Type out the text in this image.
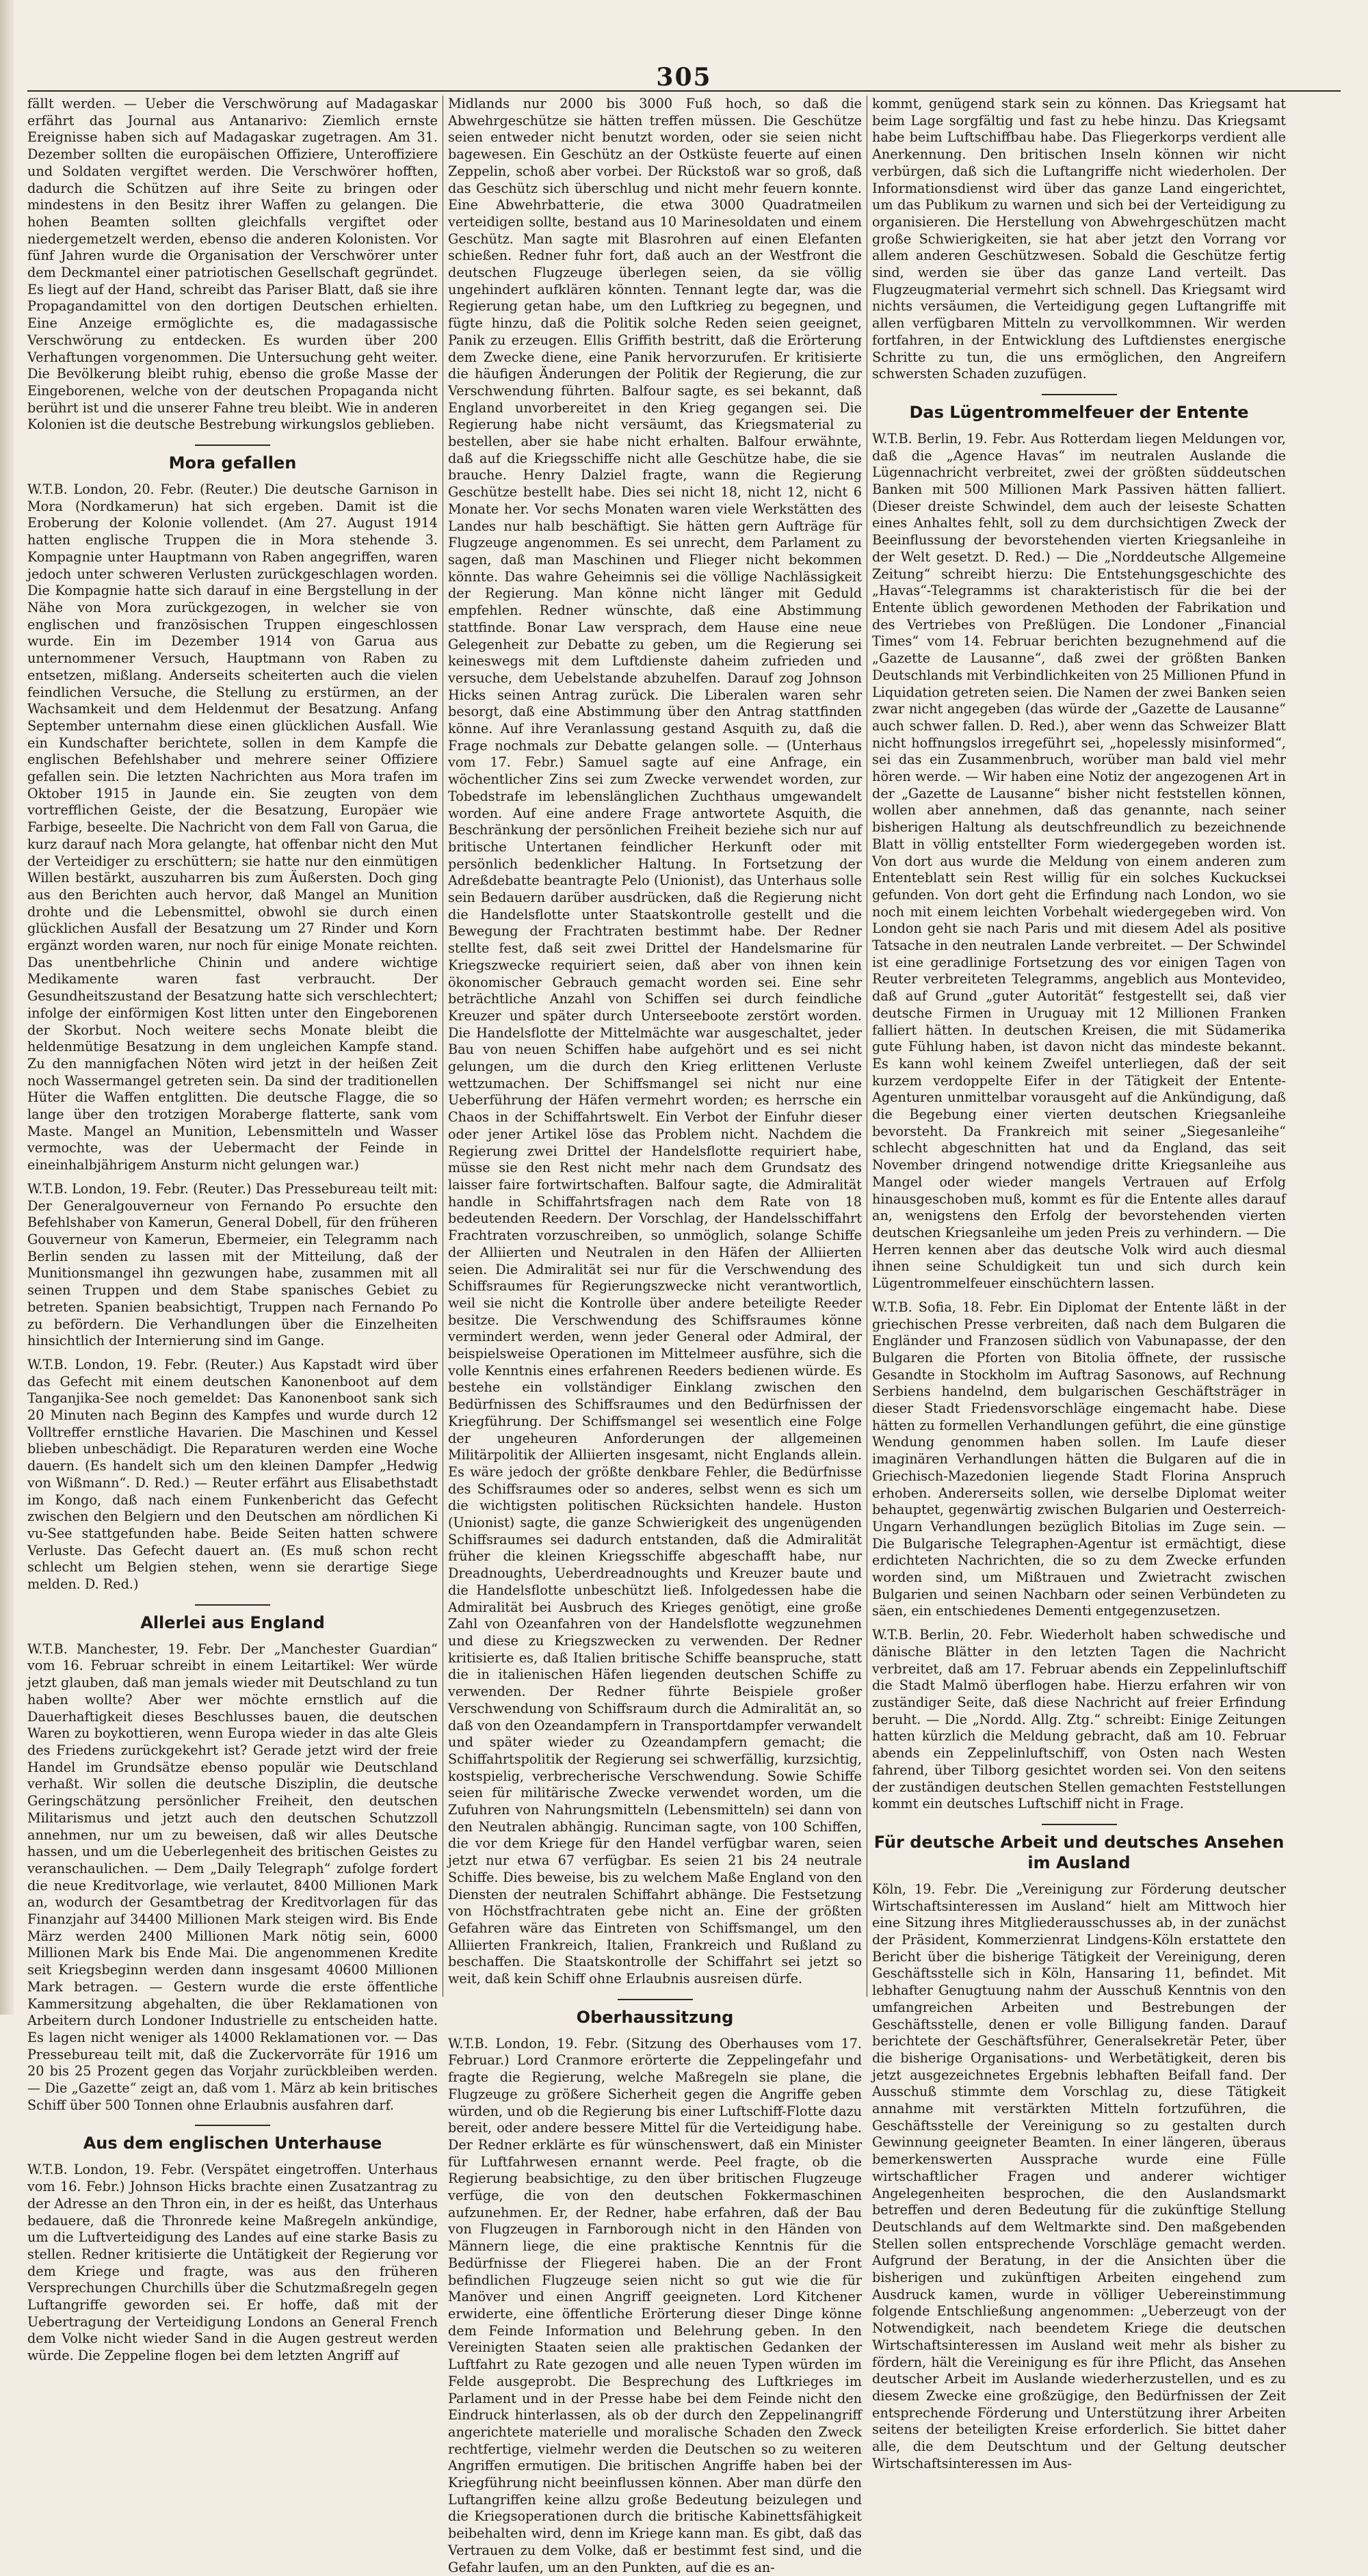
305

fällt werden. — Ueber die Verschwörung auf Madagaskar erfährt das Journal aus Antanarivo: Ziemlich ernste Ereignisse haben sich auf Madagaskar zugetragen. Am 31. Dezember sollten die europäischen Offiziere, Unteroffiziere und Soldaten vergiftet werden. Die Verschwörer hofften, dadurch die Schützen auf ihre Seite zu bringen oder mindestens in den Besitz ihrer Waffen zu gelangen. Die hohen Beamten sollten gleichfalls vergiftet oder niedergemetzelt werden, ebenso die anderen Kolonisten. Vor fünf Jahren wurde die Organisation der Verschwörer unter dem Deckmantel einer patriotischen Gesellschaft gegründet. Es liegt auf der Hand, schreibt das Pariser Blatt, daß sie ihre Propagandamittel von den dortigen Deutschen erhielten. Eine Anzeige ermöglichte es, die madagassische Verschwörung zu entdecken. Es wurden über 200 Verhaftungen vorgenommen. Die Untersuchung geht weiter. Die Bevölkerung bleibt ruhig, ebenso die große Masse der Eingeborenen, welche von der deutschen Propaganda nicht berührt ist und die unserer Fahne treu bleibt. Wie in anderen Kolonien ist die deutsche Bestrebung wirkungslos geblieben.

Mora gefallen

W.T.B. London, 20. Febr. (Reuter.) Die deutsche Garnison in Mora (Nordkamerun) hat sich ergeben. Damit ist die Eroberung der Kolonie vollendet. (Am 27. August 1914 hatten englische Truppen die in Mora stehende 3. Kompagnie unter Hauptmann von Raben angegriffen, waren jedoch unter schweren Verlusten zurückgeschlagen worden. Die Kompagnie hatte sich darauf in eine Bergstellung in der Nähe von Mora zurückgezogen, in welcher sie von englischen und französischen Truppen eingeschlossen wurde. Ein im Dezember 1914 von Garua aus unternommener Versuch, Hauptmann von Raben zu entsetzen, mißlang. Anderseits scheiterten auch die vielen feindlichen Versuche, die Stellung zu erstürmen, an der Wachsamkeit und dem Heldenmut der Besatzung. Anfang September unternahm diese einen glücklichen Ausfall. Wie ein Kundschafter berichtete, sollen in dem Kampfe die englischen Befehlshaber und mehrere seiner Offiziere gefallen sein. Die letzten Nachrichten aus Mora trafen im Oktober 1915 in Jaunde ein. Sie zeugten von dem vortrefflichen Geiste, der die Besatzung, Europäer wie Farbige, beseelte. Die Nachricht von dem Fall von Garua, die kurz darauf nach Mora gelangte, hat offenbar nicht den Mut der Verteidiger zu erschüttern; sie hatte nur den einmütigen Willen bestärkt, auszuharren bis zum Äußersten. Doch ging aus den Berichten auch hervor, daß Mangel an Munition drohte und die Lebensmittel, obwohl sie durch einen glücklichen Ausfall der Besatzung um 27 Rinder und Korn ergänzt worden waren, nur noch für einige Monate reichten. Das unentbehrliche Chinin und andere wichtige Medikamente waren fast verbraucht. Der Gesundheitszustand der Besatzung hatte sich verschlechtert; infolge der einförmigen Kost litten unter den Eingeborenen der Skorbut. Noch weitere sechs Monate bleibt die heldenmütige Besatzung in dem ungleichen Kampfe stand. Zu den mannigfachen Nöten wird jetzt in der heißen Zeit noch Wassermangel getreten sein. Da sind der traditionellen Hüter die Waffen entglitten. Die deutsche Flagge, die so lange über den trotzigen Moraberge flatterte, sank vom Maste. Mangel an Munition, Lebensmitteln und Wasser vermochte, was der Uebermacht der Feinde in eineinhalbjährigem Ansturm nicht gelungen war.)

W.T.B. London, 19. Febr. (Reuter.) Das Pressebureau teilt mit: Der Generalgouverneur von Fernando Po ersuchte den Befehlshaber von Kamerun, General Dobell, für den früheren Gouverneur von Kamerun, Ebermeier, ein Telegramm nach Berlin senden zu lassen mit der Mitteilung, daß der Munitionsmangel ihn gezwungen habe, zusammen mit all seinen Truppen und dem Stabe spanisches Gebiet zu betreten. Spanien beabsichtigt, Truppen nach Fernando Po zu befördern. Die Verhandlungen über die Einzelheiten hinsichtlich der Internierung sind im Gange.

W.T.B. London, 19. Febr. (Reuter.) Aus Kapstadt wird über das Gefecht mit einem deutschen Kanonenboot auf dem Tanganjika-See noch gemeldet: Das Kanonenboot sank sich 20 Minuten nach Beginn des Kampfes und wurde durch 12 Volltreffer ernstliche Havarien. Die Maschinen und Kessel blieben unbeschädigt. Die Reparaturen werden eine Woche dauern. (Es handelt sich um den kleinen Dampfer „Hedwig von Wißmann“. D. Red.) — Reuter erfährt aus Elisabethstadt im Kongo, daß nach einem Funkenbericht das Gefecht zwischen den Belgiern und den Deutschen am nördlichen Ki vu-See stattgefunden habe. Beide Seiten hatten schwere Verluste. Das Gefecht dauert an. (Es muß schon recht schlecht um Belgien stehen, wenn sie derartige Siege melden. D. Red.)

Allerlei aus England

W.T.B. Manchester, 19. Febr. Der „Manchester Guardian“ vom 16. Februar schreibt in einem Leitartikel: Wer würde jetzt glauben, daß man jemals wieder mit Deutschland zu tun haben wollte? Aber wer möchte ernstlich auf die Dauerhaftigkeit dieses Beschlusses bauen, die deutschen Waren zu boykottieren, wenn Europa wieder in das alte Gleis des Friedens zurückgekehrt ist? Gerade jetzt wird der freie Handel im Grundsätze ebenso populär wie Deutschland verhaßt. Wir sollen die deutsche Disziplin, die deutsche Geringschätzung persönlicher Freiheit, den deutschen Militarismus und jetzt auch den deutschen Schutzzoll annehmen, nur um zu beweisen, daß wir alles Deutsche hassen, und um die Ueberlegenheit des britischen Geistes zu veranschaulichen. — Dem „Daily Telegraph“ zufolge fordert die neue Kreditvorlage, wie verlautet, 8400 Millionen Mark an, wodurch der Gesamtbetrag der Kreditvorlagen für das Finanzjahr auf 34400 Millionen Mark steigen wird. Bis Ende März werden 2400 Millionen Mark nötig sein, 6000 Millionen Mark bis Ende Mai. Die angenommenen Kredite seit Kriegsbeginn werden dann insgesamt 40600 Millionen Mark betragen. — Gestern wurde die erste öffentliche Kammersitzung abgehalten, die über Reklamationen von Arbeitern durch Londoner Industrielle zu entscheiden hatte. Es lagen nicht weniger als 14000 Reklamationen vor. — Das Pressebureau teilt mit, daß die Zuckervorräte für 1916 um 20 bis 25 Prozent gegen das Vorjahr zurückbleiben werden. — Die „Gazette“ zeigt an, daß vom 1. März ab kein britisches Schiff über 500 Tonnen ohne Erlaubnis ausfahren darf.

Aus dem englischen Unterhause

W.T.B. London, 19. Febr. (Verspätet eingetroffen. Unterhaus vom 16. Febr.) Johnson Hicks brachte einen Zusatzantrag zu der Adresse an den Thron ein, in der es heißt, das Unterhaus bedauere, daß die Thronrede keine Maßregeln ankündige, um die Luftverteidigung des Landes auf eine starke Basis zu stellen. Redner kritisierte die Untätigkeit der Regierung vor dem Kriege und fragte, was aus den früheren Versprechungen Churchills über die Schutzmaßregeln gegen Luftangriffe geworden sei. Er hoffe, daß mit der Uebertragung der Verteidigung Londons an General French dem Volke nicht wieder Sand in die Augen gestreut werden würde. Die Zeppeline flogen bei dem letzten Angriff auf

Midlands nur 2000 bis 3000 Fuß hoch, so daß die Abwehrgeschütze sie hätten treffen müssen. Die Geschütze seien entweder nicht benutzt worden, oder sie seien nicht bagewesen. Ein Geschütz an der Ostküste feuerte auf einen Zeppelin, schoß aber vorbei. Der Rückstoß war so groß, daß das Geschütz sich überschlug und nicht mehr feuern konnte. Eine Abwehrbatterie, die etwa 3000 Quadratmeilen verteidigen sollte, bestand aus 10 Marinesoldaten und einem Geschütz. Man sagte mit Blasrohren auf einen Elefanten schießen. Redner fuhr fort, daß auch an der Westfront die deutschen Flugzeuge überlegen seien, da sie völlig ungehindert aufklären könnten. Tennant legte dar, was die Regierung getan habe, um den Luftkrieg zu begegnen, und fügte hinzu, daß die Politik solche Reden seien geeignet, Panik zu erzeugen. Ellis Griffith bestritt, daß die Erörterung dem Zwecke diene, eine Panik hervorzurufen. Er kritisierte die häufigen Änderungen der Politik der Regierung, die zur Verschwendung führten. Balfour sagte, es sei bekannt, daß England unvorbereitet in den Krieg gegangen sei. Die Regierung habe nicht versäumt, das Kriegsmaterial zu bestellen, aber sie habe nicht erhalten. Balfour erwähnte, daß auf die Kriegsschiffe nicht alle Geschütze habe, die sie brauche. Henry Dalziel fragte, wann die Regierung Geschütze bestellt habe. Dies sei nicht 18, nicht 12, nicht 6 Monate her. Vor sechs Monaten waren viele Werkstätten des Landes nur halb beschäftigt. Sie hätten gern Aufträge für Flugzeuge angenommen. Es sei unrecht, dem Parlament zu sagen, daß man Maschinen und Flieger nicht bekommen könnte. Das wahre Geheimnis sei die völlige Nachlässigkeit der Regierung. Man könne nicht länger mit Geduld empfehlen. Redner wünschte, daß eine Abstimmung stattfinde. Bonar Law versprach, dem Hause eine neue Gelegenheit zur Debatte zu geben, um die Regierung sei keineswegs mit dem Luftdienste daheim zufrieden und versuche, dem Uebelstande abzuhelfen. Darauf zog Johnson Hicks seinen Antrag zurück. Die Liberalen waren sehr besorgt, daß eine Abstimmung über den Antrag stattfinden könne. Auf ihre Veranlassung gestand Asquith zu, daß die Frage nochmals zur Debatte gelangen solle. — (Unterhaus vom 17. Febr.) Samuel sagte auf eine Anfrage, ein wöchentlicher Zins sei zum Zwecke verwendet worden, zur Tobedstrafe im lebenslänglichen Zuchthaus umgewandelt worden. Auf eine andere Frage antwortete Asquith, die Beschränkung der persönlichen Freiheit beziehe sich nur auf britische Untertanen feindlicher Herkunft oder mit persönlich bedenklicher Haltung. In Fortsetzung der Adreßdebatte beantragte Pelo (Unionist), das Unterhaus solle sein Bedauern darüber ausdrücken, daß die Regierung nicht die Handelsflotte unter Staatskontrolle gestellt und die Bewegung der Frachtraten bestimmt habe. Der Redner stellte fest, daß seit zwei Drittel der Handelsmarine für Kriegszwecke requiriert seien, daß aber von ihnen kein ökonomischer Gebrauch gemacht worden sei. Eine sehr beträchtliche Anzahl von Schiffen sei durch feindliche Kreuzer und später durch Unterseeboote zerstört worden. Die Handelsflotte der Mittelmächte war ausgeschaltet, jeder Bau von neuen Schiffen habe aufgehört und es sei nicht gelungen, um die durch den Krieg erlittenen Verluste wettzumachen. Der Schiffsmangel sei nicht nur eine Ueberführung der Häfen vermehrt worden; es herrsche ein Chaos in der Schiffahrtswelt. Ein Verbot der Einfuhr dieser oder jener Artikel löse das Problem nicht. Nachdem die Regierung zwei Drittel der Handelsflotte requiriert habe, müsse sie den Rest nicht mehr nach dem Grundsatz des laisser faire fortwirtschaften. Balfour sagte, die Admiralität handle in Schiffahrtsfragen nach dem Rate von 18 bedeutenden Reedern. Der Vorschlag, der Handelsschiffahrt Frachtraten vorzuschreiben, so unmöglich, solange Schiffe der Alliierten und Neutralen in den Häfen der Alliierten seien. Die Admiralität sei nur für die Verschwendung des Schiffsraumes für Regierungszwecke nicht verantwortlich, weil sie nicht die Kontrolle über andere beteiligte Reeder besitze. Die Verschwendung des Schiffsraumes könne vermindert werden, wenn jeder General oder Admiral, der beispielsweise Operationen im Mittelmeer ausführe, sich die volle Kenntnis eines erfahrenen Reeders bedienen würde. Es bestehe ein vollständiger Einklang zwischen den Bedürfnissen des Schiffsraumes und den Bedürfnissen der Kriegführung. Der Schiffsmangel sei wesentlich eine Folge der ungeheuren Anforderungen der allgemeinen Militärpolitik der Alliierten insgesamt, nicht Englands allein. Es wäre jedoch der größte denkbare Fehler, die Bedürfnisse des Schiffsraumes oder so anderes, selbst wenn es sich um die wichtigsten politischen Rücksichten handele. Huston (Unionist) sagte, die ganze Schwierigkeit des ungenügenden Schiffsraumes sei dadurch entstanden, daß die Admiralität früher die kleinen Kriegsschiffe abgeschafft habe, nur Dreadnoughts, Ueberdreadnoughts und Kreuzer baute und die Handelsflotte unbeschützt ließ. Infolgedessen habe die Admiralität bei Ausbruch des Krieges genötigt, eine große Zahl von Ozeanfahren von der Handelsflotte wegzunehmen und diese zu Kriegszwecken zu verwenden. Der Redner kritisierte es, daß Italien britische Schiffe beanspruche, statt die in italienischen Häfen liegenden deutschen Schiffe zu verwenden. Der Redner führte Beispiele großer Verschwendung von Schiffsraum durch die Admiralität an, so daß von den Ozeandampfern in Transportdampfer verwandelt und später wieder zu Ozeandampfern gemacht; die Schiffahrtspolitik der Regierung sei schwerfällig, kurzsichtig, kostspielig, verbrecherische Verschwendung. Sowie Schiffe seien für militärische Zwecke verwendet worden, um die Zufuhren von Nahrungsmitteln (Lebensmitteln) sei dann von den Neutralen abhängig. Runciman sagte, von 100 Schiffen, die vor dem Kriege für den Handel verfügbar waren, seien jetzt nur etwa 67 verfügbar. Es seien 21 bis 24 neutrale Schiffe. Dies beweise, bis zu welchem Maße England von den Diensten der neutralen Schiffahrt abhänge. Die Festsetzung von Höchstfrachtraten gebe nicht an. Eine der größten Gefahren wäre das Eintreten von Schiffsmangel, um den Alliierten Frankreich, Italien, Frankreich und Rußland zu beschaffen. Die Staatskontrolle der Schiffahrt sei jetzt so weit, daß kein Schiff ohne Erlaubnis ausreisen dürfe.

Oberhaussitzung

W.T.B. London, 19. Febr. (Sitzung des Oberhauses vom 17. Februar.) Lord Cranmore erörterte die Zeppelingefahr und fragte die Regierung, welche Maßregeln sie plane, die Flugzeuge zu größere Sicherheit gegen die Angriffe geben würden, und ob die Regierung bis einer Luftschiff-Flotte dazu bereit, oder andere bessere Mittel für die Verteidigung habe. Der Redner erklärte es für wünschenswert, daß ein Minister für Luftfahrwesen ernannt werde. Peel fragte, ob die Regierung beabsichtige, zu den über britischen Flugzeuge verfüge, die von den deutschen Fokkermaschinen aufzunehmen. Er, der Redner, habe erfahren, daß der Bau von Flugzeugen in Farnborough nicht in den Händen von Männern liege, die eine praktische Kenntnis für die Bedürfnisse der Fliegerei haben. Die an der Front befindlichen Flugzeuge seien nicht so gut wie die für Manöver und einen Angriff geeigneten. Lord Kitchener erwiderte, eine öffentliche Erörterung dieser Dinge könne dem Feinde Information und Belehrung geben. In den Vereinigten Staaten seien alle praktischen Gedanken der Luftfahrt zu Rate gezogen und alle neuen Typen würden im Felde ausgeprobt. Die Besprechung des Luftkrieges im Parlament und in der Presse habe bei dem Feinde nicht den Eindruck hinterlassen, als ob der durch den Zeppelinangriff angerichtete materielle und moralische Schaden den Zweck rechtfertige, vielmehr werden die Deutschen so zu weiteren Angriffen ermutigen. Die britischen Angriffe haben bei der Kriegführung nicht beeinflussen können. Aber man dürfe den Luftangriffen keine allzu große Bedeutung beizulegen und die Kriegsoperationen durch die britische Kabinettsfähigkeit beibehalten wird, denn im Kriege kann man. Es gibt, daß das Vertrauen zu dem Volke, daß er bestimmt fest sind, und die Gefahr laufen, um an den Punkten, auf die es an-

kommt, genügend stark sein zu können. Das Kriegsamt hat beim Lage sorgfältig und fast zu hebe hinzu. Das Kriegsamt habe beim Luftschiffbau habe. Das Fliegerkorps verdient alle Anerkennung. Den britischen Inseln können wir nicht verbürgen, daß sich die Luftangriffe nicht wiederholen. Der Informationsdienst wird über das ganze Land eingerichtet, um das Publikum zu warnen und sich bei der Verteidigung zu organisieren. Die Herstellung von Abwehrgeschützen macht große Schwierigkeiten, sie hat aber jetzt den Vorrang vor allem anderen Geschützwesen. Sobald die Geschütze fertig sind, werden sie über das ganze Land verteilt. Das Flugzeugmaterial vermehrt sich schnell. Das Kriegsamt wird nichts versäumen, die Verteidigung gegen Luftangriffe mit allen verfügbaren Mitteln zu vervollkommnen. Wir werden fortfahren, in der Entwicklung des Luftdienstes energische Schritte zu tun, die uns ermöglichen, den Angreifern schwersten Schaden zuzufügen.

Das Lügentrommelfeuer der Entente

W.T.B. Berlin, 19. Febr. Aus Rotterdam liegen Meldungen vor, daß die „Agence Havas“ im neutralen Auslande die Lügennachricht verbreitet, zwei der größten süddeutschen Banken mit 500 Millionen Mark Passiven hätten falliert. (Dieser dreiste Schwindel, dem auch der leiseste Schatten eines Anhaltes fehlt, soll zu dem durchsichtigen Zweck der Beeinflussung der bevorstehenden vierten Kriegsanleihe in der Welt gesetzt. D. Red.) — Die „Norddeutsche Allgemeine Zeitung“ schreibt hierzu: Die Entstehungsgeschichte des „Havas“-Telegramms ist charakteristisch für die bei der Entente üblich gewordenen Methoden der Fabrikation und des Vertriebes von Preßlügen. Die Londoner „Financial Times“ vom 14. Februar berichten bezugnehmend auf die „Gazette de Lausanne“, daß zwei der größten Banken Deutschlands mit Verbindlichkeiten von 25 Millionen Pfund in Liquidation getreten seien. Die Namen der zwei Banken seien zwar nicht angegeben (das würde der „Gazette de Lausanne“ auch schwer fallen. D. Red.), aber wenn das Schweizer Blatt nicht hoffnungslos irregeführt sei, „hopelessly misinformed“, sei das ein Zusammenbruch, worüber man bald viel mehr hören werde. — Wir haben eine Notiz der angezogenen Art in der „Gazette de Lausanne“ bisher nicht feststellen können, wollen aber annehmen, daß das genannte, nach seiner bisherigen Haltung als deutschfreundlich zu bezeichnende Blatt in völlig entstellter Form wiedergegeben worden ist. Von dort aus wurde die Meldung von einem anderen zum Ententeblatt sein Rest willig für ein solches Kuckucksei gefunden. Von dort geht die Erfindung nach London, wo sie noch mit einem leichten Vorbehalt wiedergegeben wird. Von London geht sie nach Paris und mit diesem Adel als positive Tatsache in den neutralen Lande verbreitet. — Der Schwindel ist eine geradlinige Fortsetzung des vor einigen Tagen von Reuter verbreiteten Telegramms, angeblich aus Montevideo, daß auf Grund „guter Autorität“ festgestellt sei, daß vier deutsche Firmen in Uruguay mit 12 Millionen Franken falliert hätten. In deutschen Kreisen, die mit Südamerika gute Fühlung haben, ist davon nicht das mindeste bekannt. Es kann wohl keinem Zweifel unterliegen, daß der seit kurzem verdoppelte Eifer in der Tätigkeit der Entente-Agenturen unmittelbar vorausgeht auf die Ankündigung, daß die Begebung einer vierten deutschen Kriegsanleihe bevorsteht. Da Frankreich mit seiner „Siegesanleihe“ schlecht abgeschnitten hat und da England, das seit November dringend notwendige dritte Kriegsanleihe aus Mangel oder wieder mangels Vertrauen auf Erfolg hinausgeschoben muß, kommt es für die Entente alles darauf an, wenigstens den Erfolg der bevorstehenden vierten deutschen Kriegsanleihe um jeden Preis zu verhindern. — Die Herren kennen aber das deutsche Volk wird auch diesmal ihnen seine Schuldigkeit tun und sich durch kein Lügentrommelfeuer einschüchtern lassen.

W.T.B. Sofia, 18. Febr. Ein Diplomat der Entente läßt in der griechischen Presse verbreiten, daß nach dem Bulgaren die Engländer und Franzosen südlich von Vabunapasse, der den Bulgaren die Pforten von Bitolia öffnete, der russische Gesandte in Stockholm im Auftrag Sasonows, auf Rechnung Serbiens handelnd, dem bulgarischen Geschäftsträger in dieser Stadt Friedensvorschläge eingemacht habe. Diese hätten zu formellen Verhandlungen geführt, die eine günstige Wendung genommen haben sollen. Im Laufe dieser imaginären Verhandlungen hätten die Bulgaren auf die in Griechisch-Mazedonien liegende Stadt Florina Anspruch erhoben. Andererseits sollen, wie derselbe Diplomat weiter behauptet, gegenwärtig zwischen Bulgarien und Oesterreich-Ungarn Verhandlungen bezüglich Bitolias im Zuge sein. — Die Bulgarische Telegraphen-Agentur ist ermächtigt, diese erdichteten Nachrichten, die so zu dem Zwecke erfunden worden sind, um Mißtrauen und Zwietracht zwischen Bulgarien und seinen Nachbarn oder seinen Verbündeten zu säen, ein entschiedenes Dementi entgegenzusetzen.

W.T.B. Berlin, 20. Febr. Wiederholt haben schwedische und dänische Blätter in den letzten Tagen die Nachricht verbreitet, daß am 17. Februar abends ein Zeppelinluftschiff die Stadt Malmö überflogen habe. Hierzu erfahren wir von zuständiger Seite, daß diese Nachricht auf freier Erfindung beruht. — Die „Nordd. Allg. Ztg.“ schreibt: Einige Zeitungen hatten kürzlich die Meldung gebracht, daß am 10. Februar abends ein Zeppelinluftschiff, von Osten nach Westen fahrend, über Tilborg gesichtet worden sei. Von den seitens der zuständigen deutschen Stellen gemachten Feststellungen kommt ein deutsches Luftschiff nicht in Frage.

Für deutsche Arbeit und deutsches Ansehen im Ausland

Köln, 19. Febr. Die „Vereinigung zur Förderung deutscher Wirtschaftsinteressen im Ausland“ hielt am Mittwoch hier eine Sitzung ihres Mitgliederausschusses ab, in der zunächst der Präsident, Kommerzienrat Lindgens-Köln erstattete den Bericht über die bisherige Tätigkeit der Vereinigung, deren Geschäftsstelle sich in Köln, Hansaring 11, befindet. Mit lebhafter Genugtuung nahm der Ausschuß Kenntnis von den umfangreichen Arbeiten und Bestrebungen der Geschäftsstelle, denen er volle Billigung fanden. Darauf berichtete der Geschäftsführer, Generalsekretär Peter, über die bisherige Organisations- und Werbetätigkeit, deren bis jetzt ausgezeichnetes Ergebnis lebhaften Beifall fand. Der Ausschuß stimmte dem Vorschlag zu, diese Tätigkeit annahme mit verstärkten Mitteln fortzuführen, die Geschäftsstelle der Vereinigung so zu gestalten durch Gewinnung geeigneter Beamten. In einer längeren, überaus bemerkenswerten Aussprache wurde eine Fülle wirtschaftlicher Fragen und anderer wichtiger Angelegenheiten besprochen, die den Auslandsmarkt betreffen und deren Bedeutung für die zukünftige Stellung Deutschlands auf dem Weltmarkte sind. Den maßgebenden Stellen sollen entsprechende Vorschläge gemacht werden. Aufgrund der Beratung, in der die Ansichten über die bisherigen und zukünftigen Arbeiten eingehend zum Ausdruck kamen, wurde in völliger Uebereinstimmung folgende Entschließung angenommen: „Ueberzeugt von der Notwendigkeit, nach beendetem Kriege die deutschen Wirtschaftsinteressen im Ausland weit mehr als bisher zu fördern, hält die Vereinigung es für ihre Pflicht, das Ansehen deutscher Arbeit im Auslande wiederherzustellen, und es zu diesem Zwecke eine großzügige, den Bedürfnissen der Zeit entsprechende Förderung und Unterstützung ihrer Arbeiten seitens der beteiligten Kreise erforderlich. Sie bittet daher alle, die dem Deutschtum und der Geltung deutscher Wirtschaftsinteressen im Aus-
